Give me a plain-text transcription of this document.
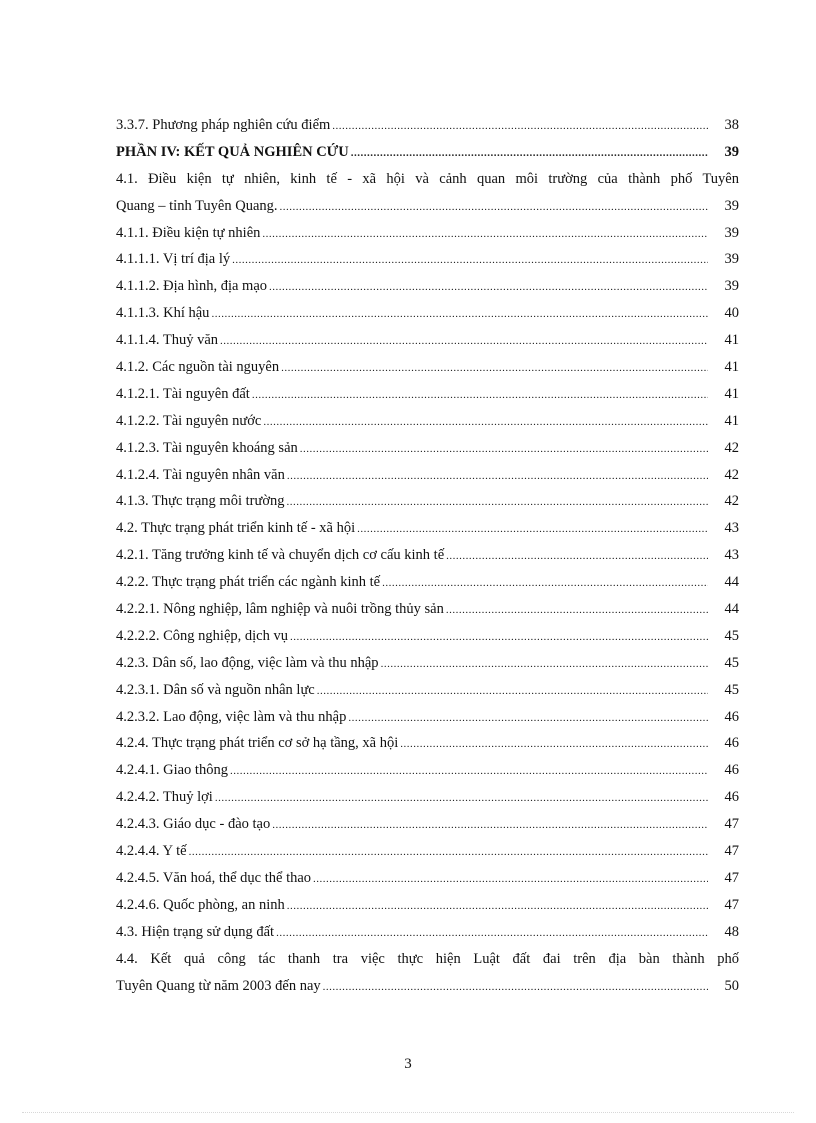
3.3.7. Phương pháp nghiên cứu điểm .....	38
PHẦN IV: KẾT QUẢ NGHIÊN CỨU .....	39
4.1. Điều kiện tự nhiên, kinh tế - xã hội và cảnh quan môi trường của thành phố Tuyên
Quang – tỉnh Tuyên Quang. .....	39
4.1.1. Điều kiện tự nhiên .....	39
4.1.1.1. Vị trí địa lý .....	39
4.1.1.2. Địa hình, địa mạo .....	39
4.1.1.3. Khí hậu .....	40
4.1.1.4. Thuỷ văn .....	41
4.1.2. Các nguồn tài nguyên .....	41
4.1.2.1. Tài nguyên đất .....	41
4.1.2.2. Tài nguyên nước .....	41
4.1.2.3. Tài nguyên khoáng sản .....	42
4.1.2.4. Tài nguyên nhân văn .....	42
4.1.3. Thực trạng môi trường .....	42
4.2. Thực trạng phát triển kinh tế - xã hội .....	43
4.2.1. Tăng trưởng kinh tế và chuyển dịch cơ cấu kinh tế .....	43
4.2.2. Thực trạng phát triển các ngành kinh tế .....	44
4.2.2.1. Nông nghiệp, lâm nghiệp và nuôi trồng thủy sản .....	44
4.2.2.2. Công nghiệp, dịch vụ .....	45
4.2.3. Dân số, lao động, việc làm và thu nhập .....	45
4.2.3.1. Dân số và nguồn nhân lực .....	45
4.2.3.2. Lao động, việc làm và thu nhập .....	46
4.2.4. Thực trạng phát triển cơ sở hạ tầng, xã hội .....	46
4.2.4.1. Giao thông .....	46
4.2.4.2. Thuỷ lợi .....	46
4.2.4.3. Giáo dục - đào tạo .....	47
4.2.4.4. Y tế .....	47
4.2.4.5. Văn hoá, thể dục thể thao .....	47
4.2.4.6. Quốc phòng, an ninh .....	47
4.3. Hiện trạng sử dụng đất .....	48
4.4. Kết quả công tác thanh tra việc thực hiện Luật đất đai trên địa bàn thành phố
Tuyên Quang từ năm 2003 đến nay .....	50
3
